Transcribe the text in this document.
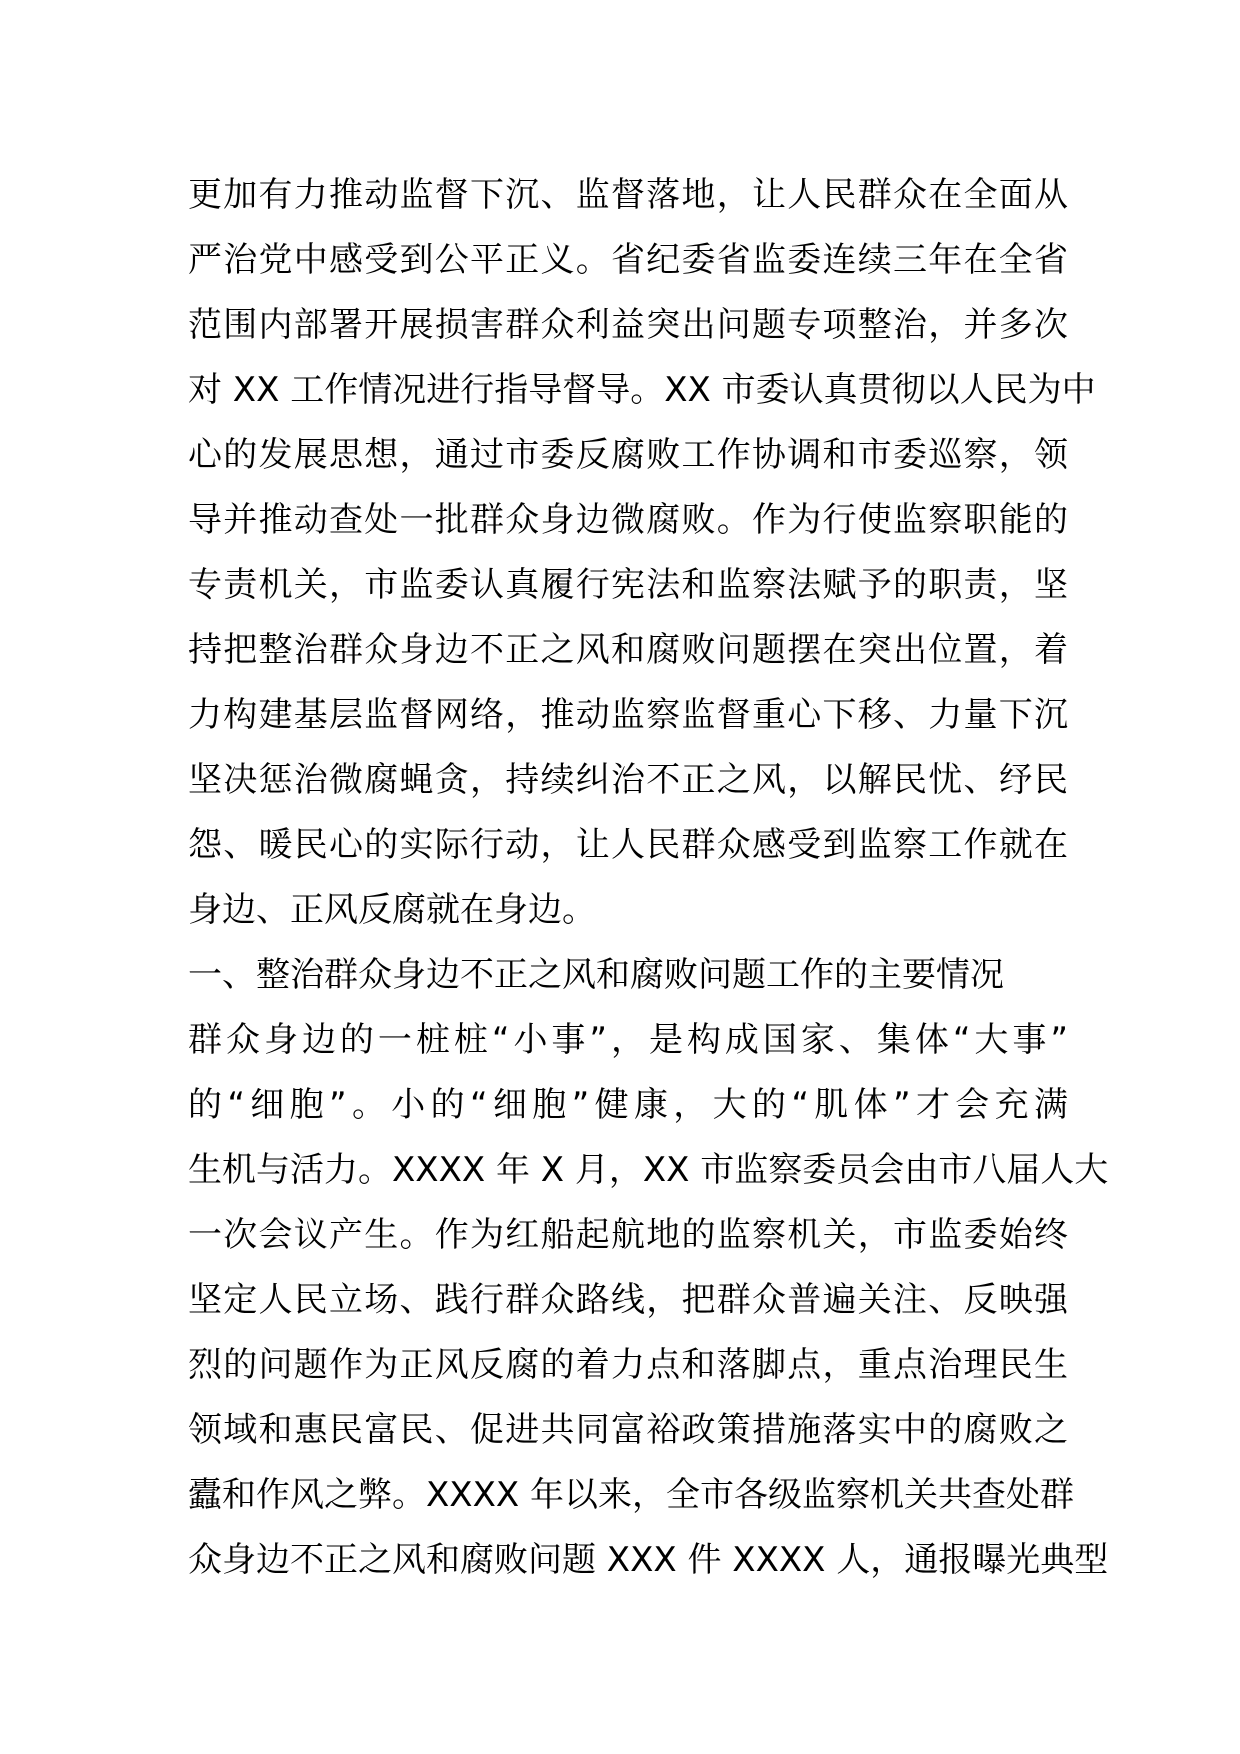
更加有力推动监督下沉、监督落地，让人民群众在全面从
严治党中感受到公平正义。省纪委省监委连续三年在全省
范围内部署开展损害群众利益突出问题专项整治，并多次
对 XX 工作情况进行指导督导。XX 市委认真贯彻以人民为中
心的发展思想，通过市委反腐败工作协调和市委巡察，领
导并推动查处一批群众身边微腐败。作为行使监察职能的
专责机关，市监委认真履行宪法和监察法赋予的职责，坚
持把整治群众身边不正之风和腐败问题摆在突出位置，着
力构建基层监督网络，推动监察监督重心下移、力量下沉
坚决惩治微腐蝇贪，持续纠治不正之风，以解民忧、纾民
怨、暖民心的实际行动，让人民群众感受到监察工作就在
身边、正风反腐就在身边。
一、整治群众身边不正之风和腐败问题工作的主要情况
群众身边的一桩桩“小事”，是构成国家、集体“大事”
的“细胞”。小的“细胞”健康，大的“肌体”才会充满
生机与活力。XXXX 年 X 月，XX 市监察委员会由市八届人大
一次会议产生。作为红船起航地的监察机关，市监委始终
坚定人民立场、践行群众路线，把群众普遍关注、反映强
烈的问题作为正风反腐的着力点和落脚点，重点治理民生
领域和惠民富民、促进共同富裕政策措施落实中的腐败之
蠹和作风之弊。XXXX 年以来，全市各级监察机关共查处群
众身边不正之风和腐败问题 XXX 件 XXXX 人，通报曝光典型
